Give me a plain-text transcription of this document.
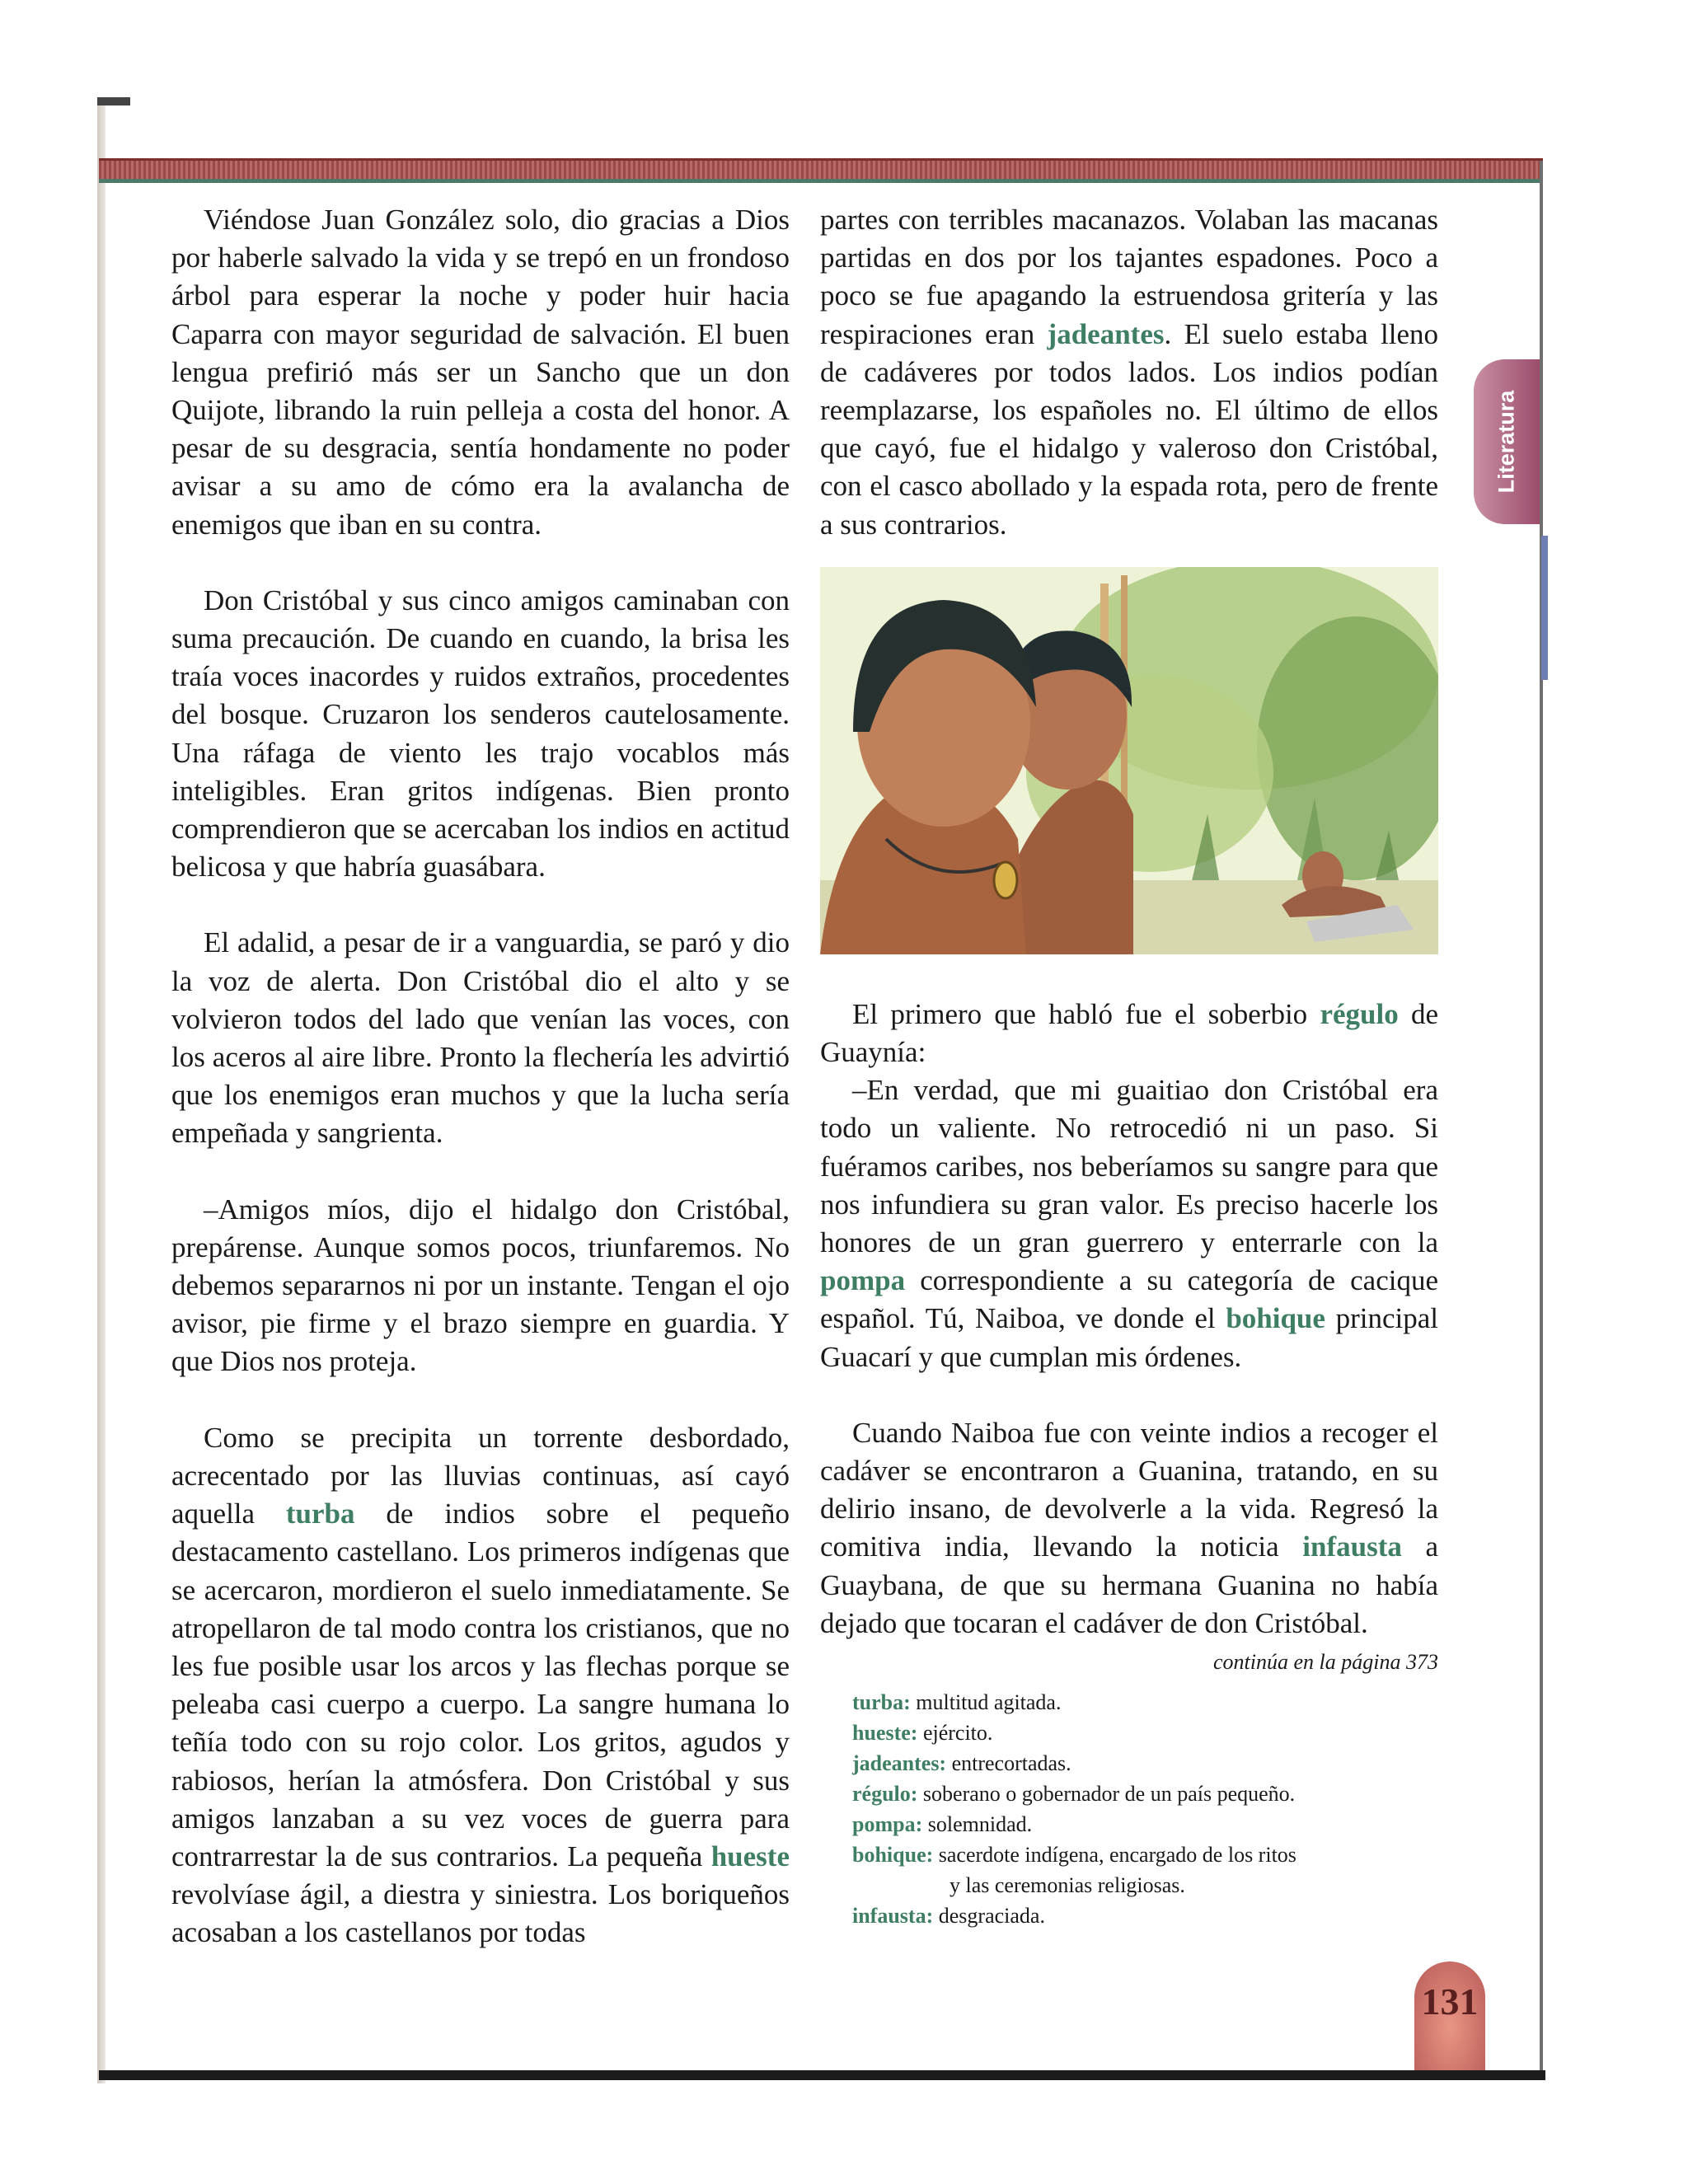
Viéndose Juan González solo, dio gracias a Dios por haberle salvado la vida y se trepó en un frondoso árbol para esperar la noche y poder huir hacia Caparra con mayor seguridad de salvación. El buen lengua prefirió más ser un Sancho que un don Quijote, librando la ruin pelleja a costa del honor. A pesar de su desgracia, sentía hondamente no poder avisar a su amo de cómo era la avalancha de enemigos que iban en su contra.

Don Cristóbal y sus cinco amigos caminaban con suma precaución. De cuando en cuando, la brisa les traía voces inacordes y ruidos extraños, procedentes del bosque. Cruzaron los senderos cautelosamente. Una ráfaga de viento les trajo vocablos más inteligibles. Eran gritos indígenas. Bien pronto comprendieron que se acercaban los indios en actitud belicosa y que habría guasábara.

El adalid, a pesar de ir a vanguardia, se paró y dio la voz de alerta. Don Cristóbal dio el alto y se volvieron todos del lado que venían las voces, con los aceros al aire libre. Pronto la flechería les advirtió que los enemigos eran muchos y que la lucha sería empeñada y sangrienta.

–Amigos míos, dijo el hidalgo don Cristóbal, prepárense. Aunque somos pocos, triunfaremos. No debemos separarnos ni por un instante. Tengan el ojo avisor, pie firme y el brazo siempre en guardia. Y que Dios nos proteja.

Como se precipita un torrente desbordado, acrecentado por las lluvias continuas, así cayó aquella turba de indios sobre el pequeño destacamento castellano. Los primeros indígenas que se acercaron, mordieron el suelo inmediatamente. Se atropellaron de tal modo contra los cristianos, que no les fue posible usar los arcos y las flechas porque se peleaba casi cuerpo a cuerpo. La sangre humana lo teñía todo con su rojo color. Los gritos, agudos y rabiosos, herían la atmósfera. Don Cristóbal y sus amigos lanzaban a su vez voces de guerra para contrarrestar la de sus contrarios. La pequeña hueste revolvíase ágil, a diestra y siniestra. Los boriqueños acosaban a los castellanos por todas

partes con terribles macanazos. Volaban las macanas partidas en dos por los tajantes espadones. Poco a poco se fue apagando la estruendosa gritería y las respiraciones eran jadeantes. El suelo estaba lleno de cadáveres por todos lados. Los indios podían reemplazarse, los españoles no. El último de ellos que cayó, fue el hidalgo y valeroso don Cristóbal, con el casco abollado y la espada rota, pero de frente a sus contrarios.

El primero que habló fue el soberbio régulo de Guaynía:

–En verdad, que mi guaitiao don Cristóbal era todo un valiente. No retrocedió ni un paso. Si fuéramos caribes, nos beberíamos su sangre para que nos infundiera su gran valor. Es preciso hacerle los honores de un gran guerrero y enterrarle con la pompa correspondiente a su categoría de cacique español. Tú, Naiboa, ve donde el bohique principal Guacarí y que cumplan mis órdenes.

Cuando Naiboa fue con veinte indios a recoger el cadáver se encontraron a Guanina, tratando, en su delirio insano, de devolverle a la vida. Regresó la comitiva india, llevando la noticia infausta a Guaybana, de que su hermana Guanina no había dejado que tocaran el cadáver de don Cristóbal.

continúa en la página 373

turba: multitud agitada.

hueste: ejército.

jadeantes: entrecortadas.

régulo: soberano o gobernador de un país pequeño.

pompa: solemnidad.

bohique: sacerdote indígena, encargado de los ritos

y las ceremonias religiosas.

infausta: desgraciada.

Literatura
131
